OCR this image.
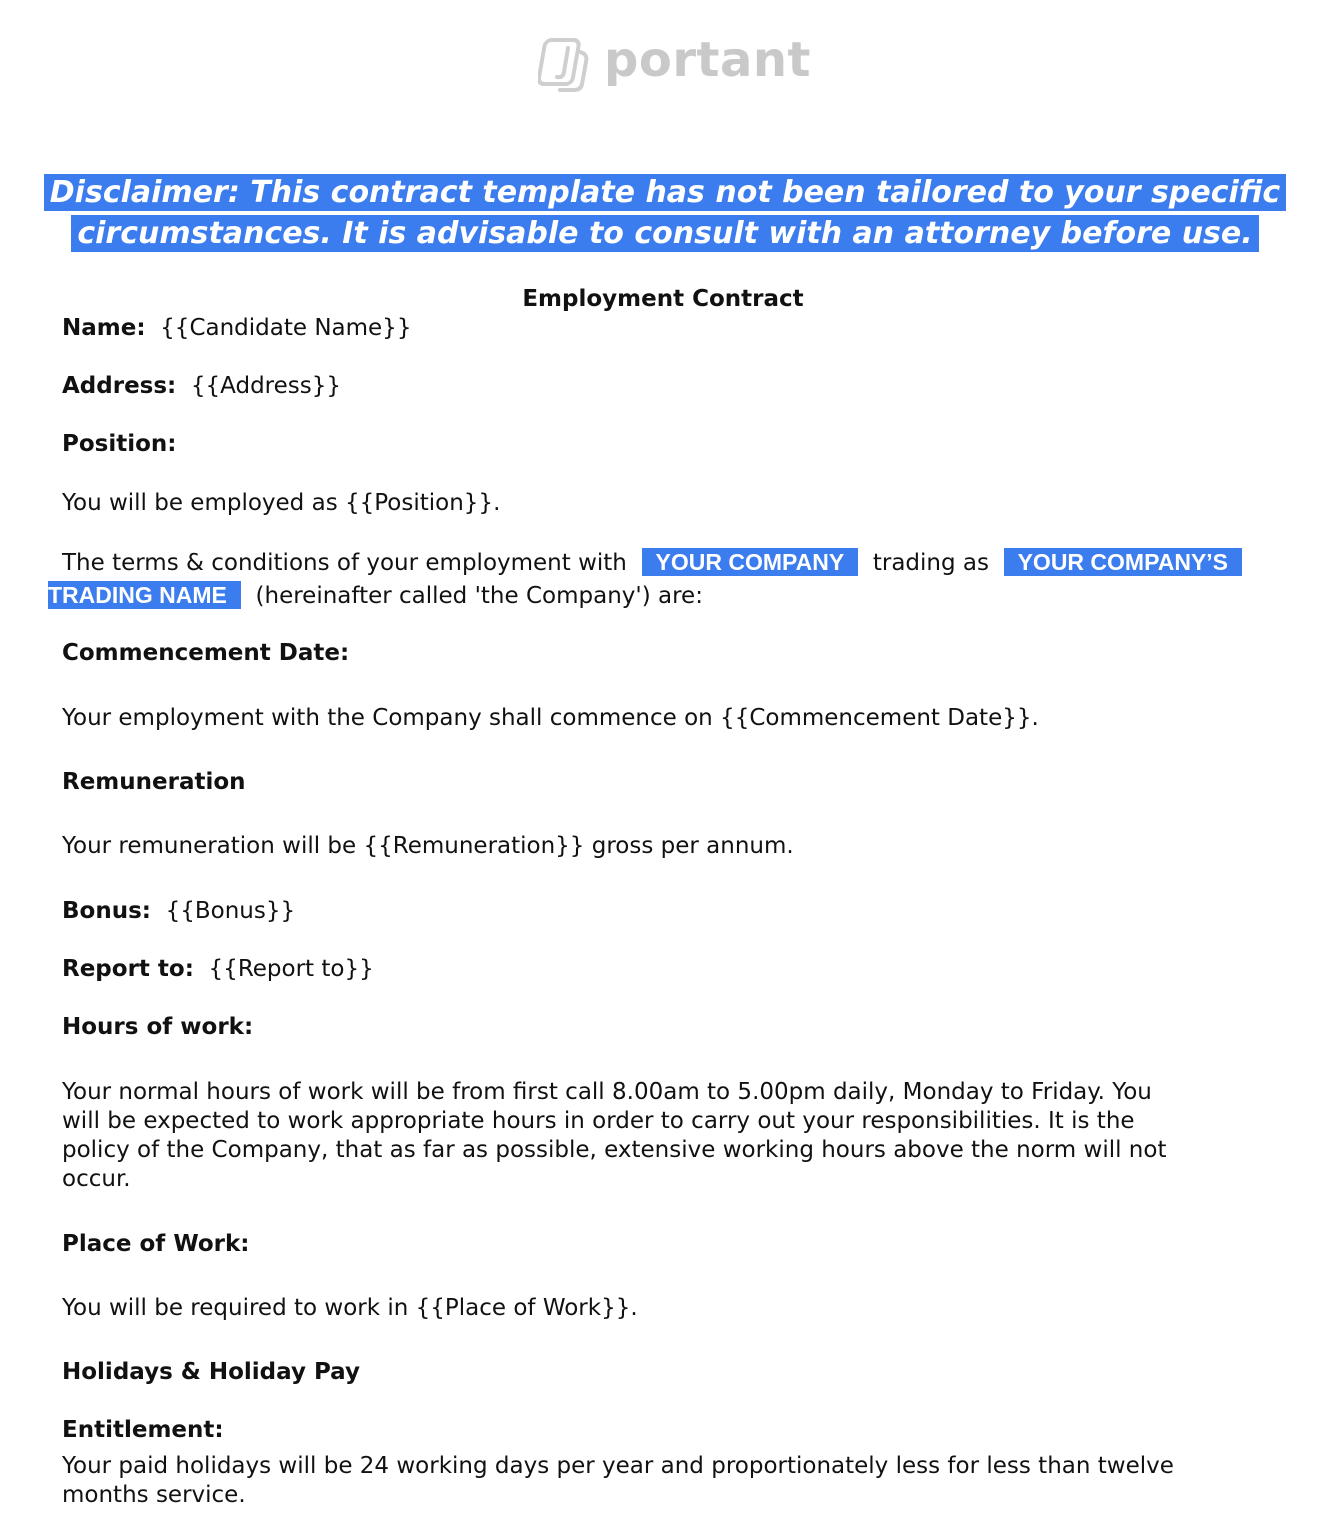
portant
Disclaimer: This contract template has not been tailored to your specific
circumstances. It is advisable to consult with an attorney before use.
Employment Contract

Name: {{Candidate Name}}

Address: {{Address}}

Position:

You will be employed as {{Position}}.

The terms & conditions of your employment with YOUR COMPANY trading as YOUR COMPANY’S
TRADING NAME (hereinafter called 'the Company') are:

Commencement Date:

Your employment with the Company shall commence on {{Commencement Date}}.

Remuneration

Your remuneration will be {{Remuneration}} gross per annum.

Bonus: {{Bonus}}

Report to: {{Report to}}

Hours of work:

Your normal hours of work will be from first call 8.00am to 5.00pm daily, Monday to Friday. You
will be expected to work appropriate hours in order to carry out your responsibilities. It is the
policy of the Company, that as far as possible, extensive working hours above the norm will not
occur.

Place of Work:

You will be required to work in {{Place of Work}}.

Holidays & Holiday Pay

Entitlement:

Your paid holidays will be 24 working days per year and proportionately less for less than twelve
months service.
